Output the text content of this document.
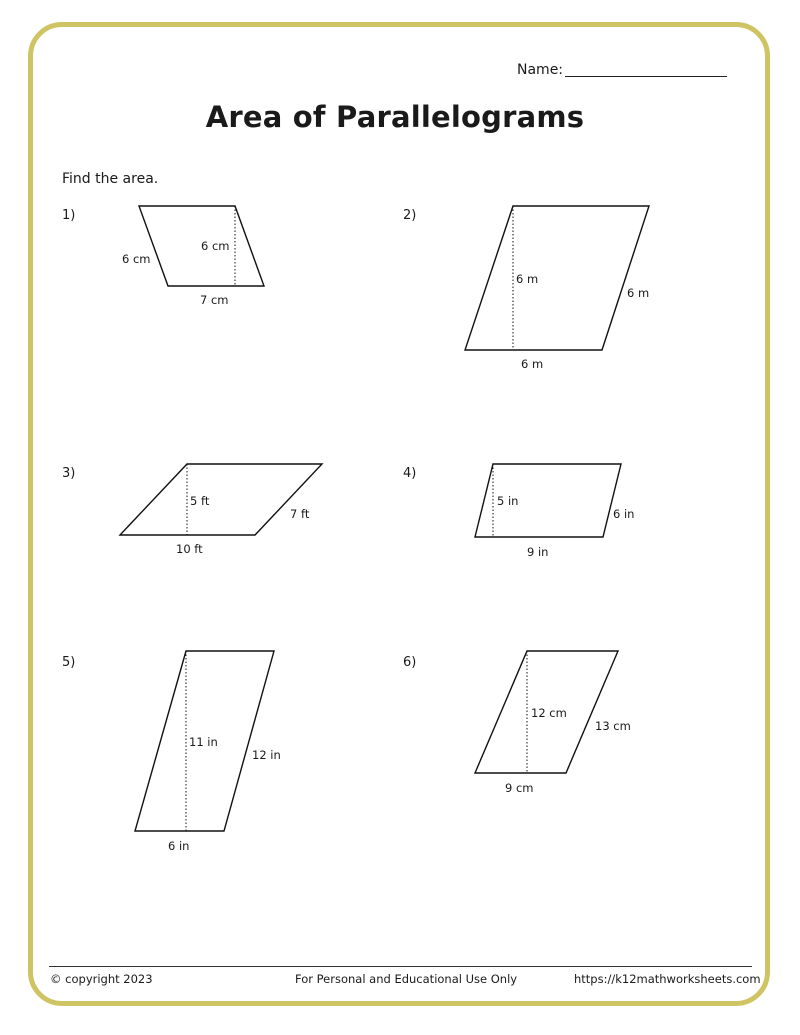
Name:
Area of Parallelograms
Find the area.
1)	2)
3)	4)
5)	6)
6 cm
6 cm
7 cm
6 m
6 m
6 m
5 ft
7 ft
10 ft
5 in
6 in
9 in
11 in
12 in
6 in
12 cm
13 cm
9 cm
© copyright 2023	For Personal and Educational Use Only	https://k12mathworksheets.com
